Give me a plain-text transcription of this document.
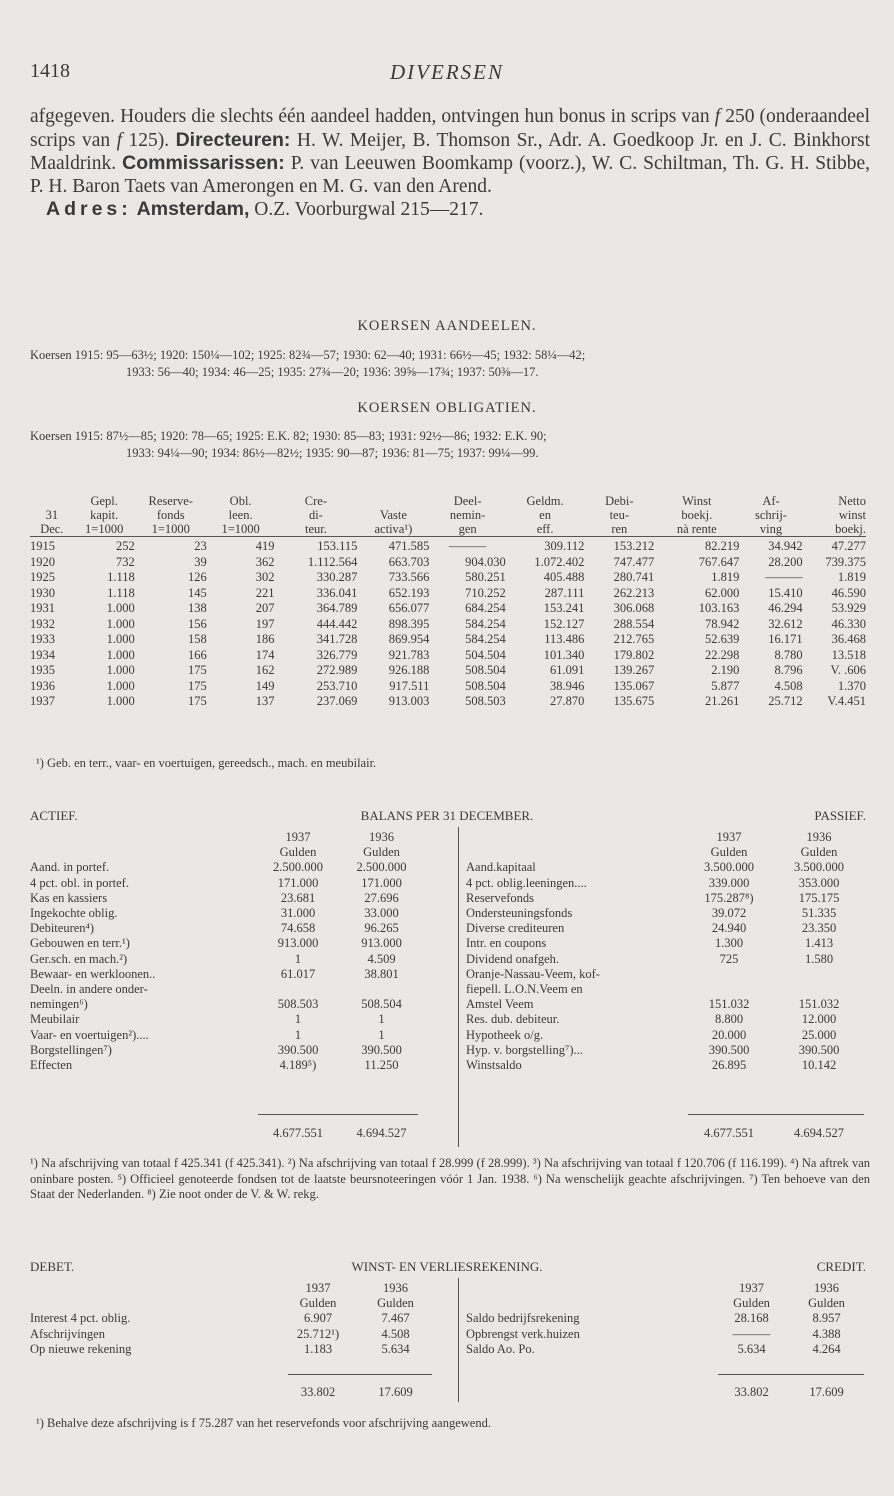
1418	DIVERSEN

afgegeven. Houders die slechts één aandeel hadden, ontvingen hun bonus in scrips van f 250 (onderaandeel scrips van f 125). Directeuren: H. W. Meijer, B. Thomson Sr., Adr. A. Goedkoop Jr. en J. C. Binkhorst Maaldrink. Commissarissen: P. van Leeuwen Boomkamp (voorz.), W. C. Schiltman, Th. G. H. Stibbe, P. H. Baron Taets van Amerongen en M. G. van den Arend.

Adres: Amsterdam, O.Z. Voorburgwal 215—217.

KOERSEN AANDEELEN.
Koersen 1915: 95—63½; 1920: 150¼—102; 1925: 82¾—57; 1930: 62—40; 1931: 66½—45; 1932: 58¼—42;
1933: 56—40; 1934: 46—25; 1935: 27¾—20; 1936: 39⅝—17¾; 1937: 50⅜—17.
KOERSEN OBLIGATIEN.
Koersen 1915: 87½—85; 1920: 78—65; 1925: E.K. 82; 1930: 85—83; 1931: 92½—86; 1932: E.K. 90;
1933: 94¼—90; 1934: 86½—82½; 1935: 90—87; 1936: 81—75; 1937: 99¼—99.
	Gepl.	Reserve-	Obl.	Cre-		Deel-	Geldm.	Debi-	Winst	Af-	Netto
31	kapit.	fonds	leen.	di-	Vaste	nemin-	en	teu-	boekj.	schrij-	winst
Dec.	1=1000	1=1000	1=1000	teur.	activa¹)	gen	eff.	ren	nà rente	ving	boekj.
1915	252	23	419	153.115	471.585	———	309.112	153.212	82.219	34.942	47.277
1920	732	39	362	1.112.564	663.703	904.030	1.072.402	747.477	767.647	28.200	739.375
1925	1.118	126	302	330.287	733.566	580.251	405.488	280.741	1.819	———	1.819
1930	1.118	145	221	336.041	652.193	710.252	287.111	262.213	62.000	15.410	46.590
1931	1.000	138	207	364.789	656.077	684.254	153.241	306.068	103.163	46.294	53.929
1932	1.000	156	197	444.442	898.395	584.254	152.127	288.554	78.942	32.612	46.330
1933	1.000	158	186	341.728	869.954	584.254	113.486	212.765	52.639	16.171	36.468
1934	1.000	166	174	326.779	921.783	504.504	101.340	179.802	22.298	8.780	13.518
1935	1.000	175	162	272.989	926.188	508.504	61.091	139.267	2.190	8.796	V. .606
1936	1.000	175	149	253.710	917.511	508.504	38.946	135.067	5.877	4.508	1.370
1937	1.000	175	137	237.069	913.003	508.503	27.870	135.675	21.261	25.712	V.4.451
¹) Geb. en terr., vaar- en voertuigen, gereedsch., mach. en meubilair.
ACTIEF.	BALANS PER 31 DECEMBER.	PASSIEF.
	1937	1936
	Gulden	Gulden
Aand. in portef.	2.500.000	2.500.000
4 pct. obl. in portef.	171.000	171.000
Kas en kassiers	23.681	27.696
Ingekochte oblig.	31.000	33.000
Debiteuren⁴)	74.658	96.265
Gebouwen en terr.¹)	913.000	913.000
Ger.sch. en mach.²)	1	4.509
Bewaar- en werkloonen..	61.017	38.801
Deeln. in andere onder-		
nemingen⁶)	508.503	508.504
Meubilair	1	1
Vaar- en voertuigen²)....	1	1
Borgstellingen⁷)	390.500	390.500
Effecten	4.189⁵)	11.250
4.677.551	4.694.527
	1937	1936
	Gulden	Gulden
Aand.kapitaal	3.500.000	3.500.000
4 pct. oblig.leeningen....	339.000	353.000
Reservefonds	175.287⁸)	175.175
Ondersteuningsfonds	39.072	51.335
Diverse crediteuren	24.940	23.350
Intr. en coupons	1.300	1.413
Dividend onafgeh.	725	1.580
Oranje-Nassau-Veem, kof-		
fiepell. L.O.N.Veem en		
Amstel Veem	151.032	151.032
Res. dub. debiteur.	8.800	12.000
Hypotheek o/g.	20.000	25.000
Hyp. v. borgstelling⁷)...	390.500	390.500
Winstsaldo	26.895	10.142
4.677.551	4.694.527
¹) Na afschrijving van totaal f 425.341 (f 425.341). ²) Na afschrijving van totaal f 28.999 (f 28.999). ³) Na afschrijving van totaal f 120.706 (f 116.199). ⁴) Na aftrek van oninbare posten. ⁵) Officieel genoteerde fondsen tot de laatste beursnoteeringen vóór 1 Jan. 1938. ⁶) Na wenschelijk geachte afschrijvingen. ⁷) Ten behoeve van den Staat der Nederlanden. ⁸) Zie noot onder de V. & W. rekg.
DEBET.	WINST- EN VERLIESREKENING.	CREDIT.
	1937	1936
	Gulden	Gulden
Interest 4 pct. oblig.	6.907	7.467
Afschrijvingen	25.712¹)	4.508
Op nieuwe rekening	1.183	5.634
33.802	17.609
	1937	1936
	Gulden	Gulden
Saldo bedrijfsrekening	28.168	8.957
Opbrengst verk.huizen	———	4.388
Saldo Ao. Po.	5.634	4.264
33.802	17.609
¹) Behalve deze afschrijving is f 75.287 van het reservefonds voor afschrijving aangewend.
